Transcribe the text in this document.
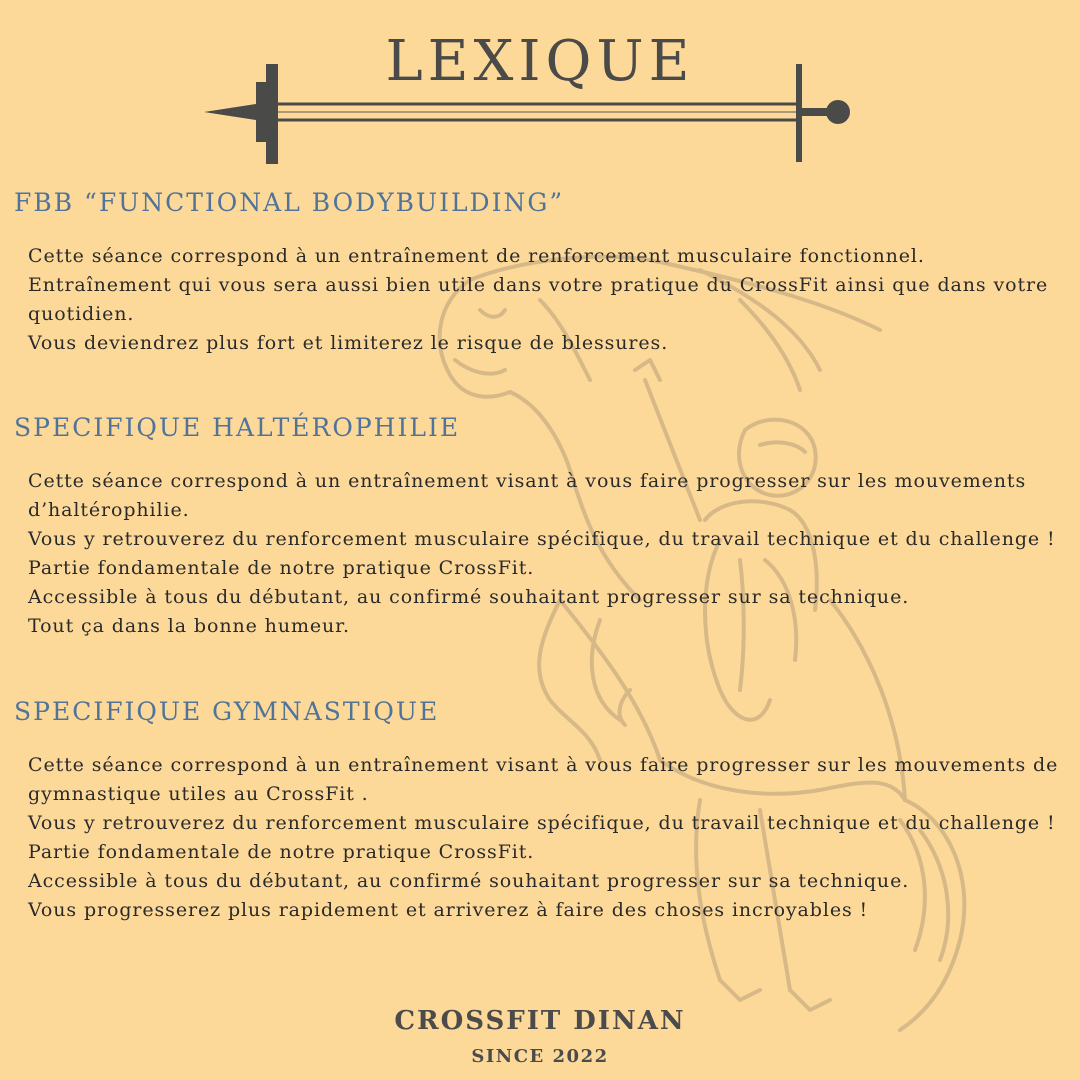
LEXIQUE
FBB “FUNCTIONAL BODYBUILDING”

Cette séance correspond à un entraînement de renforcement musculaire fonctionnel.

Entraînement qui vous sera aussi bien utile dans votre pratique du CrossFit ainsi que dans votre quotidien.

Vous deviendrez plus fort et limiterez le risque de blessures.

SPECIFIQUE HALTÉROPHILIE

Cette séance correspond à un entraînement visant à vous faire progresser sur les mouvements d’haltérophilie.

Vous y retrouverez du renforcement musculaire spécifique, du travail technique et du challenge !

Partie fondamentale de notre pratique CrossFit.

Accessible à tous du débutant, au confirmé souhaitant progresser sur sa technique.

Tout ça dans la bonne humeur.

SPECIFIQUE GYMNASTIQUE

Cette séance correspond à un entraînement visant à vous faire progresser sur les mouvements de gymnastique utiles au CrossFit .

Vous y retrouverez du renforcement musculaire spécifique, du travail technique et du challenge !

Partie fondamentale de notre pratique CrossFit.

Accessible à tous du débutant, au confirmé souhaitant progresser sur sa technique.

Vous progresserez plus rapidement et arriverez à faire des choses incroyables !

CROSSFIT DINAN
SINCE 2022
